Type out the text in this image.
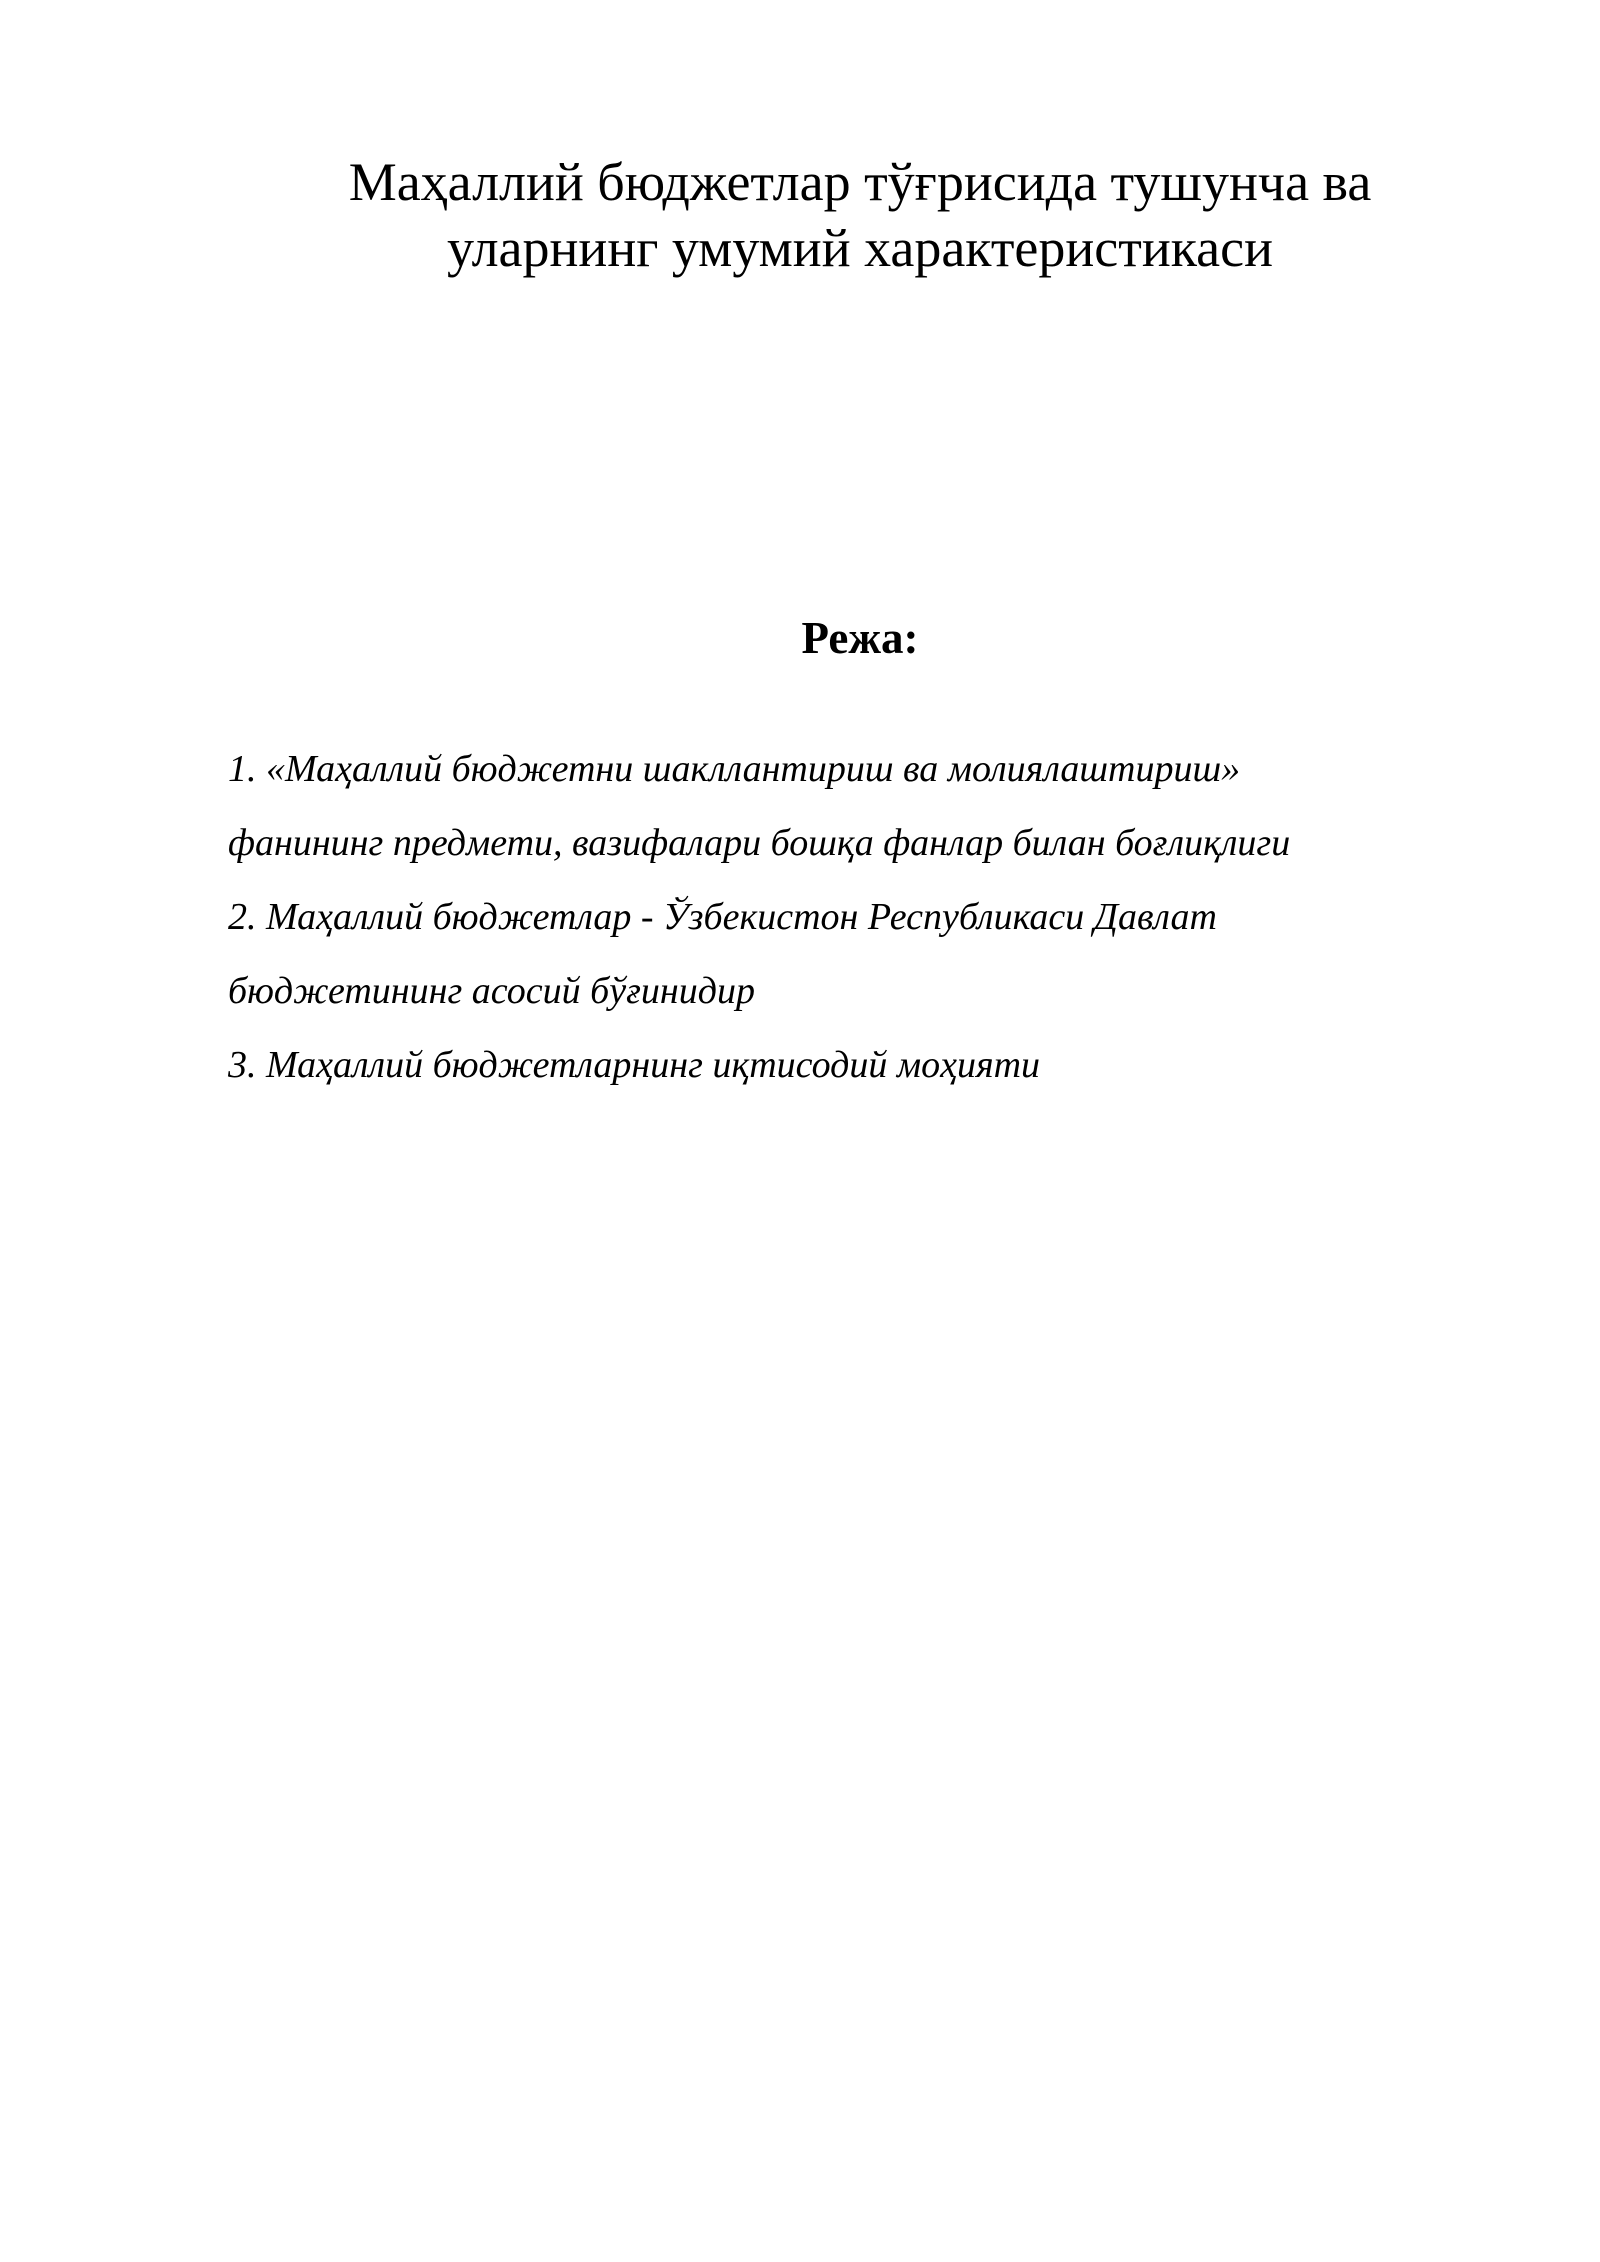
Маҳаллий бюджетлар тўғрисида тушунча ва
уларнинг умумий характеристикаси
Режа:
1. «Маҳаллий бюджетни шакллантириш ва молиялаштириш»
фанининг предмети, вазифалари бошқа фанлар билан боғлиқлиги
2. Маҳаллий бюджетлар - Ўзбекистон Республикаси Давлат
бюджетининг асосий бўғинидир
3. Маҳаллий бюджетларнинг иқтисодий моҳияти
